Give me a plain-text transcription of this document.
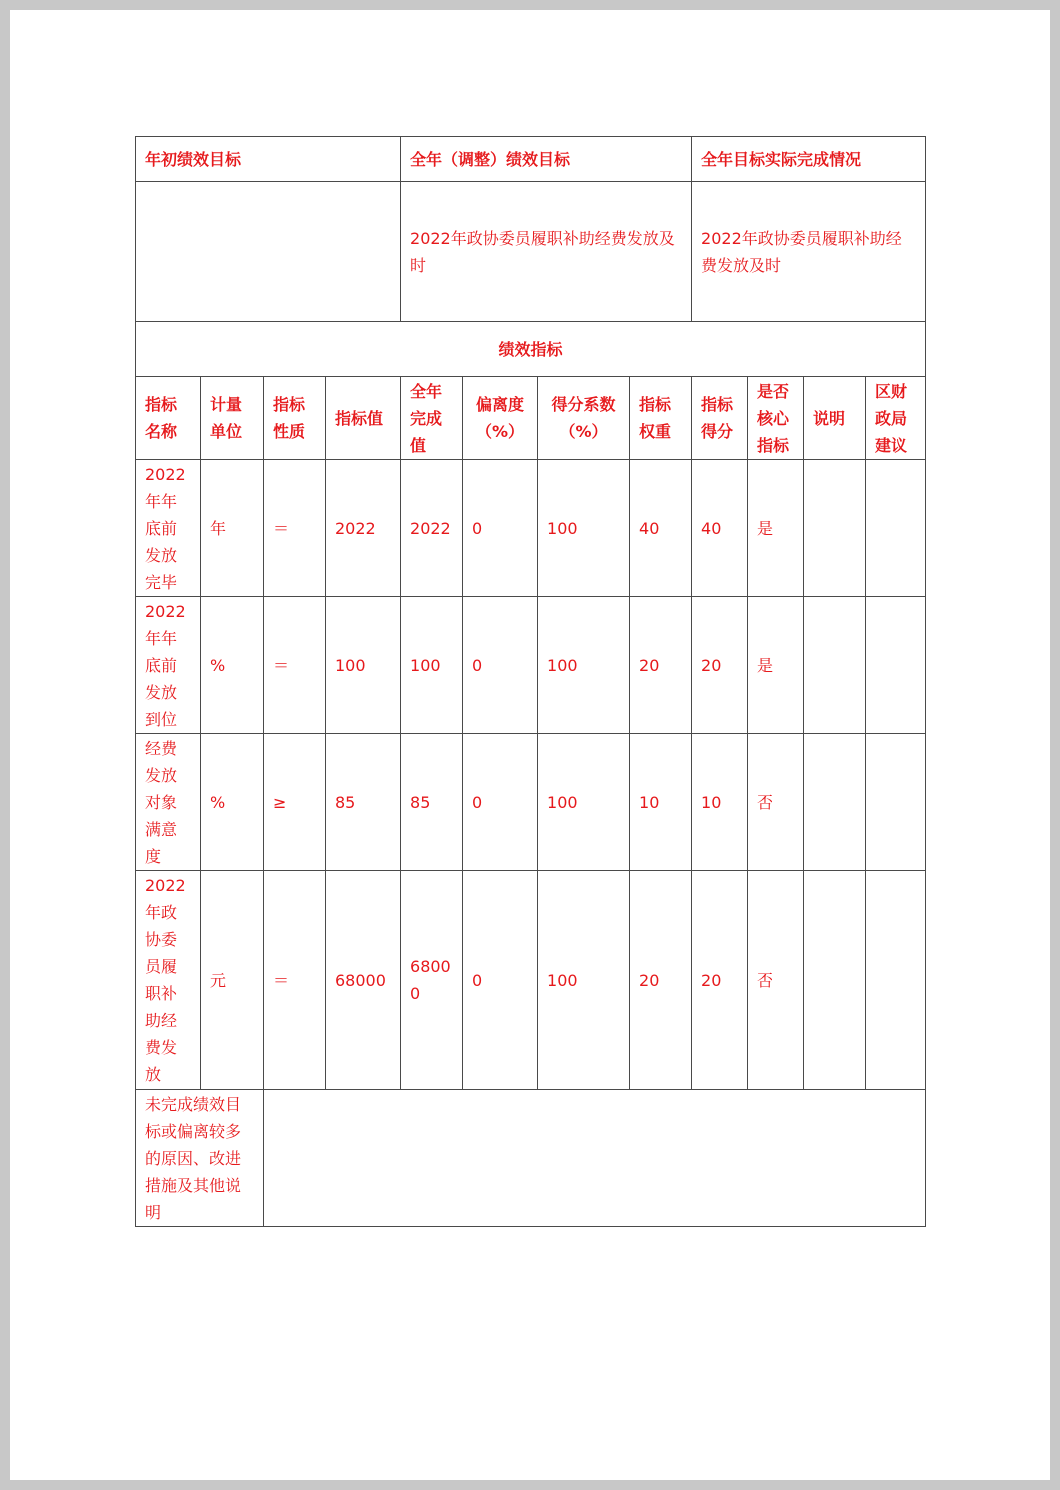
年初绩效目标				全年（调整）绩效目标				全年目标实际完成情况			
				2022年政协委员履职补助经费发放及时				2022年政协委员履职补助经费发放及时			
绩效指标											
指标名称	计量单位	指标性质	指标值	全年完成值	偏离度（%）	得分系数（%）	指标权重	指标得分	是否核心指标	说明	区财政局建议
2022年年底前发放完毕	年	＝	2022	2022	0	100	40	40	是		
2022年年底前发放到位	%	＝	100	100	0	100	20	20	是		
经费发放对象满意度	%	≥	85	85	0	100	10	10	否		
2022年政协委员履职补助经费发放	元	＝	68000	68000	0	100	20	20	否		
未完成绩效目标或偏离较多的原因、改进措施及其他说明											
